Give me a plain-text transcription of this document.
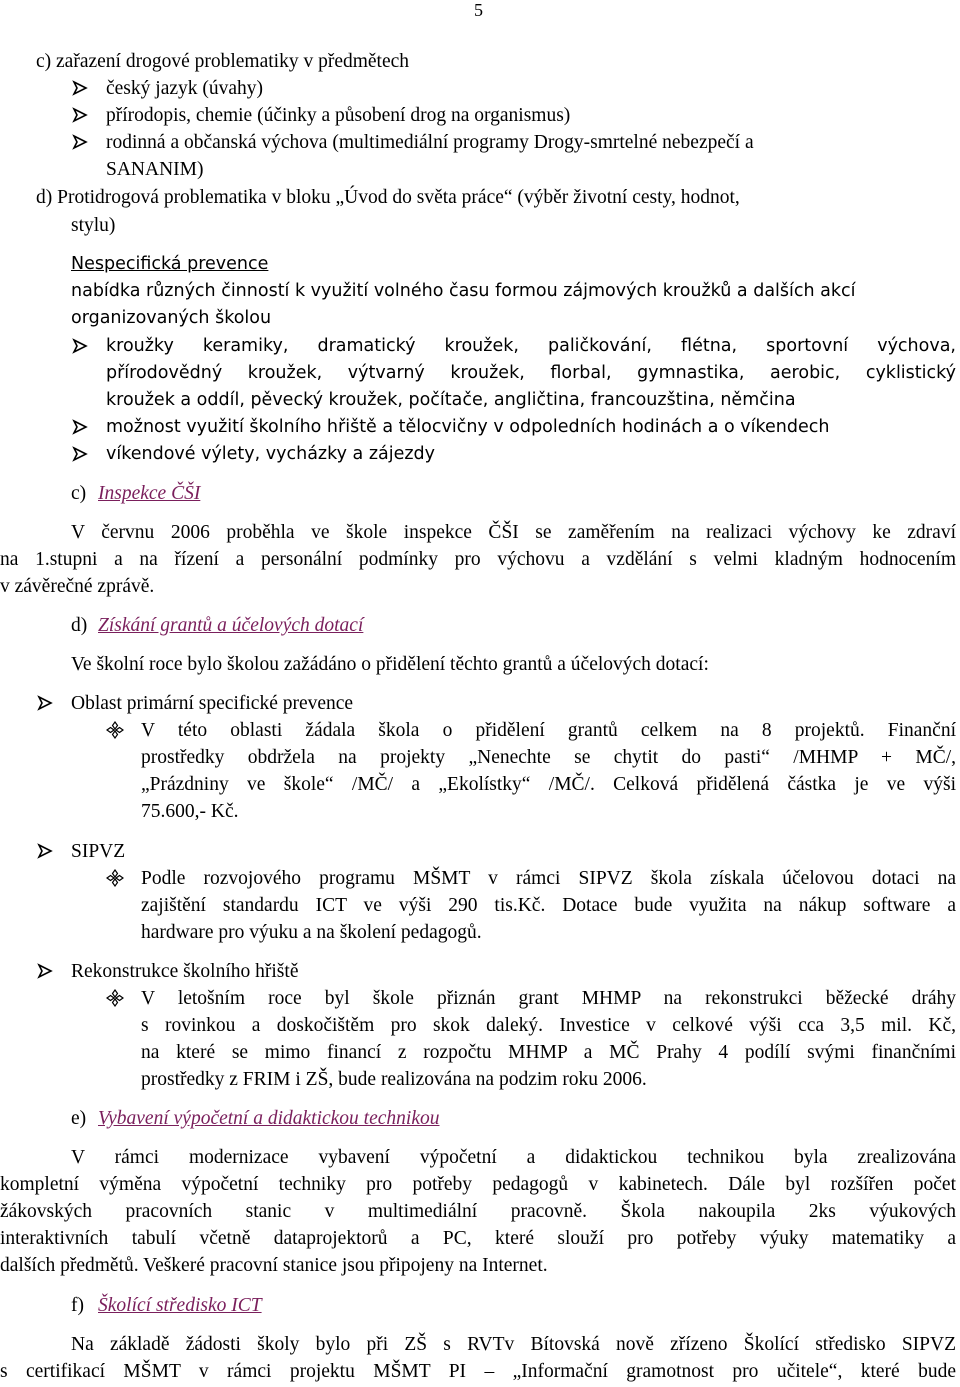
5
c) zařazení drogové problematiky v předmětech
český jazyk (úvahy)
přírodopis, chemie (účinky a působení drog na organismus)
rodinná a občanská výchova (multimediální programy Drogy-smrtelné nebezpečí a
SANANIM)
d) Protidrogová problematika v bloku „Úvod do světa práce“ (výběr životní cesty, hodnot,
stylu)
Nespecifická prevence
nabídka různých činností k využití volného času formou zájmových kroužků a dalších akcí
organizovaných školou
kroužky keramiky, dramatický kroužek, paličkování, flétna, sportovní výchova,
přírodovědný kroužek, výtvarný kroužek, florbal, gymnastika, aerobic, cyklistický
kroužek a oddíl, pěvecký kroužek, počítače, angličtina, francouzština, němčina
možnost využití školního hřiště a tělocvičny v odpoledních hodinách a o víkendech
víkendové výlety, vycházky a zájezdy
c) Inspekce ČŠI
V červnu 2006 proběhla ve škole inspekce ČŠI se zaměřením na realizaci výchovy ke zdraví
na 1.stupni a na řízení a personální podmínky pro výchovu a vzdělání s velmi kladným hodnocením
v závěrečné zprávě.
d) Získání grantů a účelových dotací
Ve školní roce bylo školou zažádáno o přidělení těchto grantů a účelových dotací:
Oblast primární specifické prevence
V této oblasti žádala škola o přidělení grantů celkem na 8 projektů. Finanční
prostředky obdržela na projekty „Nenechte se chytit do pasti“ /MHMP + MČ/,
„Prázdniny ve škole“ /MČ/ a „Ekolístky“ /MČ/. Celková přidělená částka je ve výši
75.600,- Kč.
SIPVZ
Podle rozvojového programu MŠMT v rámci SIPVZ škola získala účelovou dotaci na
zajištění standardu ICT ve výši 290 tis.Kč. Dotace bude využita na nákup software a
hardware pro výuku a na školení pedagogů.
Rekonstrukce školního hřiště
V letošním roce byl škole přiznán grant MHMP na rekonstrukci běžecké dráhy
s rovinkou a doskočištěm pro skok daleký. Investice v celkové výši cca 3,5 mil. Kč,
na které se mimo financí z rozpočtu MHMP a MČ Prahy 4 podílí svými finančními
prostředky z FRIM i ZŠ, bude realizována na podzim roku 2006.
e) Vybavení výpočetní a didaktickou technikou
V rámci modernizace vybavení výpočetní a didaktickou technikou byla zrealizována
kompletní výměna výpočetní techniky pro potřeby pedagogů v kabinetech. Dále byl rozšířen počet
žákovských pracovních stanic v multimediální pracovně. Škola nakoupila 2ks výukových
interaktivních tabulí včetně dataprojektorů a PC, které slouží pro potřeby výuky matematiky a
dalších předmětů. Veškeré pracovní stanice jsou připojeny na Internet.
f) Školící středisko ICT
Na základě žádosti školy bylo při ZŠ s RVTv Bítovská nově zřízeno Školící středisko SIPVZ
s certifikací MŠMT v rámci projektu MŠMT PI – „Informační gramotnost pro učitele“, které bude
